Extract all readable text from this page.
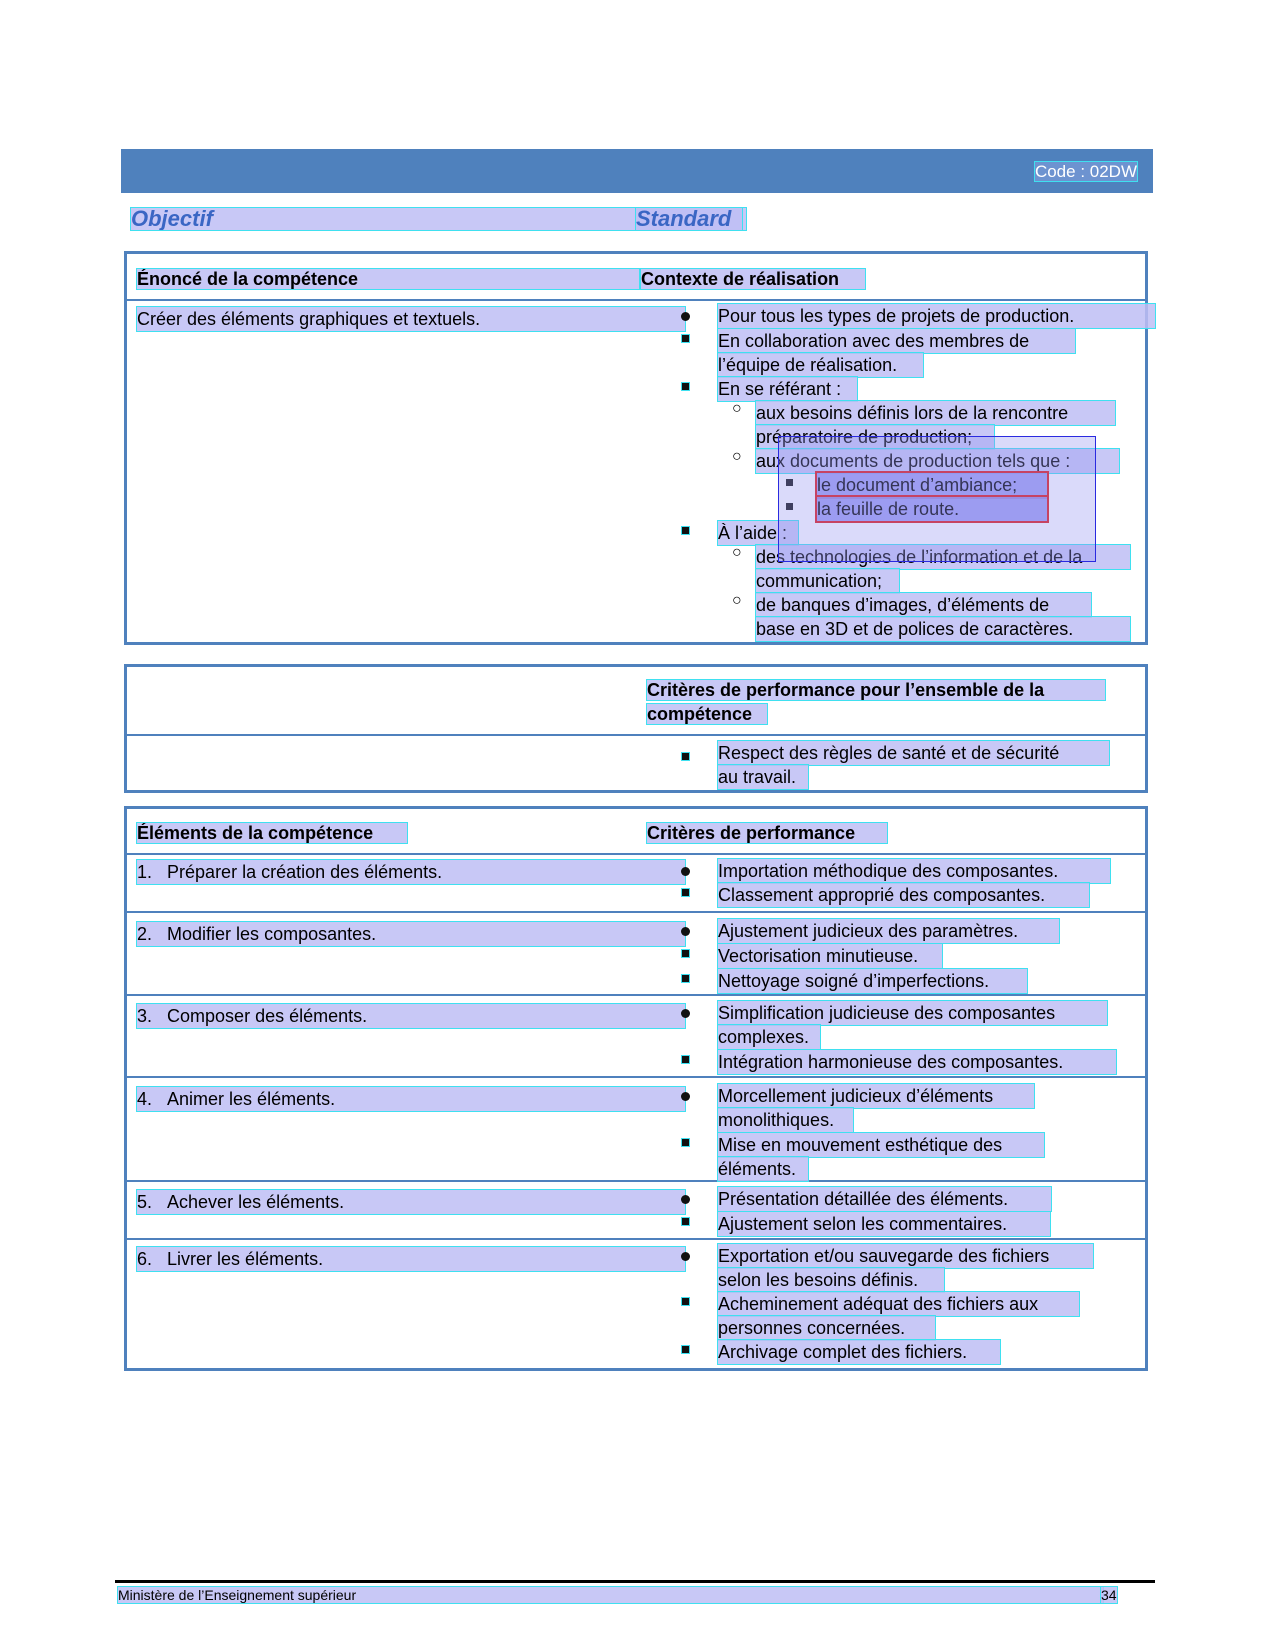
Code : 02DW
Objectif	Standard
Énoncé de la compétence	Contexte de réalisation
Créer des éléments graphiques et textuels.	Pour tous les types de projets de production.
En collaboration avec des membres de
l’équipe de réalisation.
En se référant :
○ aux besoins définis lors de la rencontre
préparatoire de production;
○ aux documents de production tels que :
le document d’ambiance;
la feuille de route.
À l’aide :
○ des technologies de l’information et de la
communication;
○ de banques d’images, d’éléments de
base en 3D et de polices de caractères.
Critères de performance pour l’ensemble de la
compétence
Respect des règles de santé et de sécurité
au travail.
Éléments de la compétence	Critères de performance
1. Préparer la création des éléments.	Importation méthodique des composantes.
Classement approprié des composantes.
2. Modifier les composantes.	Ajustement judicieux des paramètres.
Vectorisation minutieuse.
Nettoyage soigné d’imperfections.
3. Composer des éléments.	Simplification judicieuse des composantes
complexes.
Intégration harmonieuse des composantes.
4. Animer les éléments.	Morcellement judicieux d’éléments
monolithiques.
Mise en mouvement esthétique des
éléments.
5. Achever les éléments.	Présentation détaillée des éléments.
Ajustement selon les commentaires.
6. Livrer les éléments.	Exportation et/ou sauvegarde des fichiers
selon les besoins définis.
Acheminement adéquat des fichiers aux
personnes concernées.
Archivage complet des fichiers.
Ministère de l’Enseignement supérieur	34
